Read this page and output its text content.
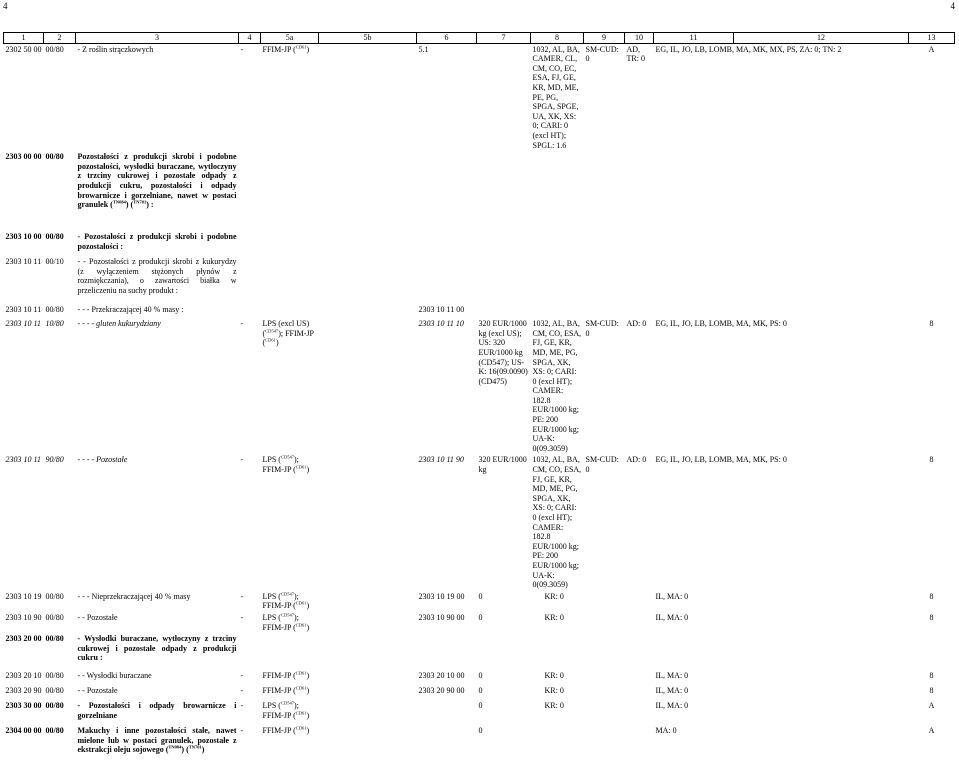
4	4
1	2	3	4	5a	5b	6	7	8	9	10	11	12	13
2302 50 00	00/80	- Z roślin strączkowych	-	FFIM-JP ($^{CD61}$)		5.1		1032, AL, BA, CAMER, CL, CM, CO, EC, ESA, FJ, GE, KR, MD, ME, PE, PG, SPGA, SPGE, UA, XK, XS: 0; CARI: 0 (excl HT); SPGL: 1.6	SM-CUD: 0	AD, TR: 0	EG, IL, JO, LB, LOMB, MA, MK, MX, PS, ZA: 0; TN: 2		A
2303 00 00	00/80	Pozostałości z produkcji skrobi i podobne pozostałości, wysłodki buraczane, wytłoczyny z trzciny cukrowej i pozostałe odpady z produkcji cukru, pozostałości i odpady browarnicze i gorzelniane, nawet w postaci granulek ($^{TN084}$) ($^{TN701}$) :											
2303 10 00	00/80	- Pozostałości z produkcji skrobi i podobne pozostałości :											
2303 10 11	00/10	- - Pozostałości z produkcji skrobi z kukurydzy (z wyłączeniem stężonych płynów z rozmiękczania), o zawartości białka w przeliczeniu na suchy produkt :											
2303 10 11	00/80	- - - Przekraczającej 40 % masy :				2303 10 11 00							
2303 10 11	10/80	- - - - gluten kukurydziany	-	LPS (excl US) ($^{CD547}$); FFIM-JP ($^{CD61}$)		2303 10 11 10	320 EUR/1000 kg (excl US); US: 320 EUR/1000 kg (CD547); US-K: 16(09.0090) (CD475)	1032, AL, BA, CM, CO, ESA, FJ, GE, KR, MD, ME, PG, SPGA, XK, XS: 0; CARI: 0 (excl HT); CAMER: 182.8 EUR/1000 kg; PE: 200 EUR/1000 kg; UA-K: 0(09.3059)	SM-CUD: 0	AD: 0	EG, IL, JO, LB, LOMB, MA, MK, PS: 0		8
2303 10 11	90/80	- - - - Pozostałe	-	LPS ($^{CD547}$); FFIM-JP ($^{CD61}$)		2303 10 11 90	320 EUR/1000 kg	1032, AL, BA, CM, CO, ESA, FJ, GE, KR, MD, ME, PG, SPGA, XK, XS: 0; CARI: 0 (excl HT); CAMER: 182.8 EUR/1000 kg; PE: 200 EUR/1000 kg; UA-K: 0(09.3059)	SM-CUD: 0	AD: 0	EG, IL, JO, LB, LOMB, MA, MK, PS: 0		8
2303 10 19	00/80	- - - Nieprzekraczającej 40 % masy	-	LPS ($^{CD547}$); FFIM-JP ($^{CD61}$)		2303 10 19 00	0	KR: 0			IL, MA: 0		8
2303 10 90	00/80	- - Pozostałe	-	LPS ($^{CD547}$); FFIM-JP ($^{CD61}$)		2303 10 90 00	0	KR: 0			IL, MA: 0		8
2303 20 00	00/80	- Wysłodki buraczane, wytłoczyny z trzciny cukrowej i pozostałe odpady z produkcji cukru :											
2303 20 10	00/80	- - Wysłodki buraczane	-	FFIM-JP ($^{CD61}$)		2303 20 10 00	0	KR: 0			IL, MA: 0		8
2303 20 90	00/80	- - Pozostałe	-	FFIM-JP ($^{CD61}$)		2303 20 90 00	0	KR: 0			IL, MA: 0		8
2303 30 00	00/80	- Pozostałości i odpady browarnicze i gorzelniane	-	LPS ($^{CD547}$); FFIM-JP ($^{CD61}$)			0	KR: 0			IL, MA: 0		A
2304 00 00	00/80	Makuchy i inne pozostałości stałe, nawet mielone lub w postaci granulek, pozostałe z ekstrakcji oleju sojowego ($^{TN084}$) ($^{TN701}$)	-	FFIM-JP ($^{CD61}$)			0				MA: 0		A
